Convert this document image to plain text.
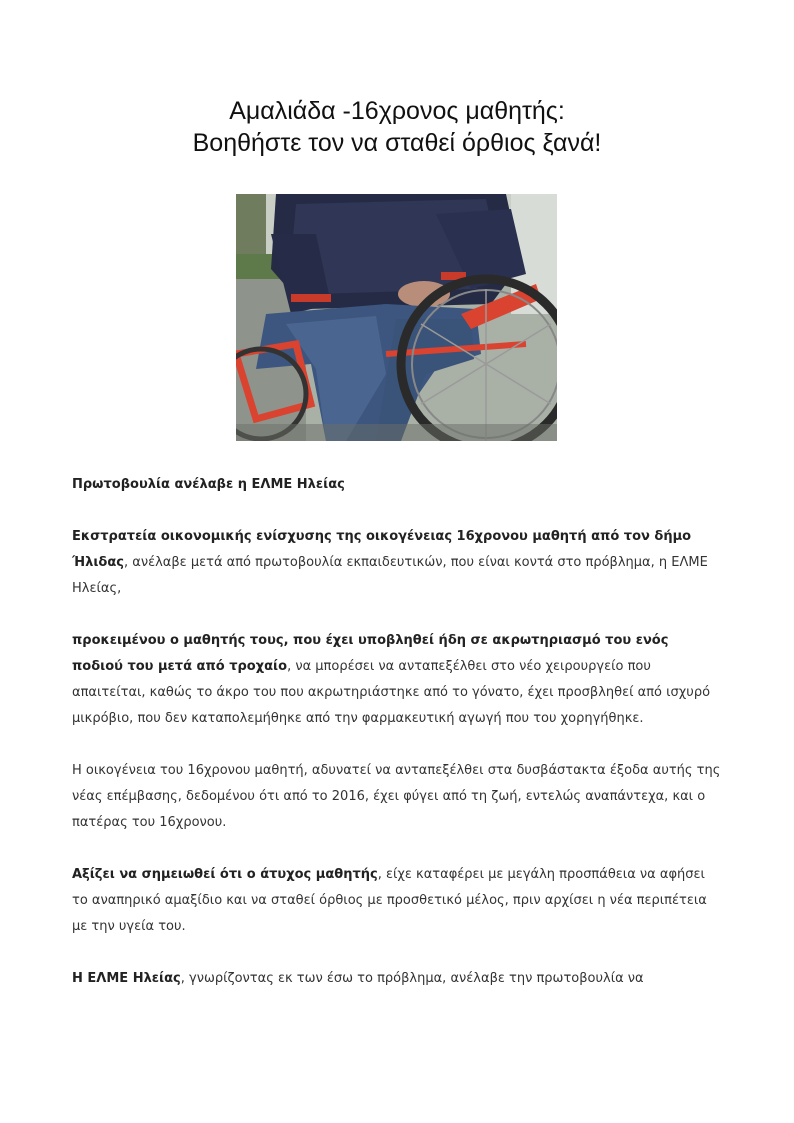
Αμαλιάδα -16χρονος μαθητής:
Βοηθήστε τον να σταθεί όρθιος ξανά!

Πρωτοβουλία ανέλαβε η ΕΛΜΕ Ηλείας

Εκστρατεία οικονομικής ενίσχυσης της οικογένειας 16χρονου μαθητή από τον δήμο Ήλιδας, ανέλαβε μετά από πρωτοβουλία εκπαιδευτικών, που είναι κοντά στο πρόβλημα, η ΕΛΜΕ Ηλείας,

προκειμένου ο μαθητής τους, που έχει υποβληθεί ήδη σε ακρωτηριασμό του ενός ποδιού του μετά από τροχαίο, να μπορέσει να ανταπεξέλθει στο νέο χειρουργείο που απαιτείται, καθώς το άκρο του που ακρωτηριάστηκε από το γόνατο, έχει προσβληθεί από ισχυρό μικρόβιο, που δεν καταπολεμήθηκε από την φαρμακευτική αγωγή που του χορηγήθηκε.

Η οικογένεια του 16χρονου μαθητή, αδυνατεί να ανταπεξέλθει στα δυσβάστακτα έξοδα αυτής της νέας επέμβασης, δεδομένου ότι από το 2016, έχει φύγει από τη ζωή, εντελώς αναπάντεχα, και ο πατέρας του 16χρονου.

Αξίζει να σημειωθεί ότι ο άτυχος μαθητής, είχε καταφέρει με μεγάλη προσπάθεια να αφήσει το αναπηρικό αμαξίδιο και να σταθεί όρθιος με προσθετικό μέλος, πριν αρχίσει η νέα περιπέτεια με την υγεία του.

Η ΕΛΜΕ Ηλείας, γνωρίζοντας εκ των έσω το πρόβλημα, ανέλαβε την πρωτοβουλία να
